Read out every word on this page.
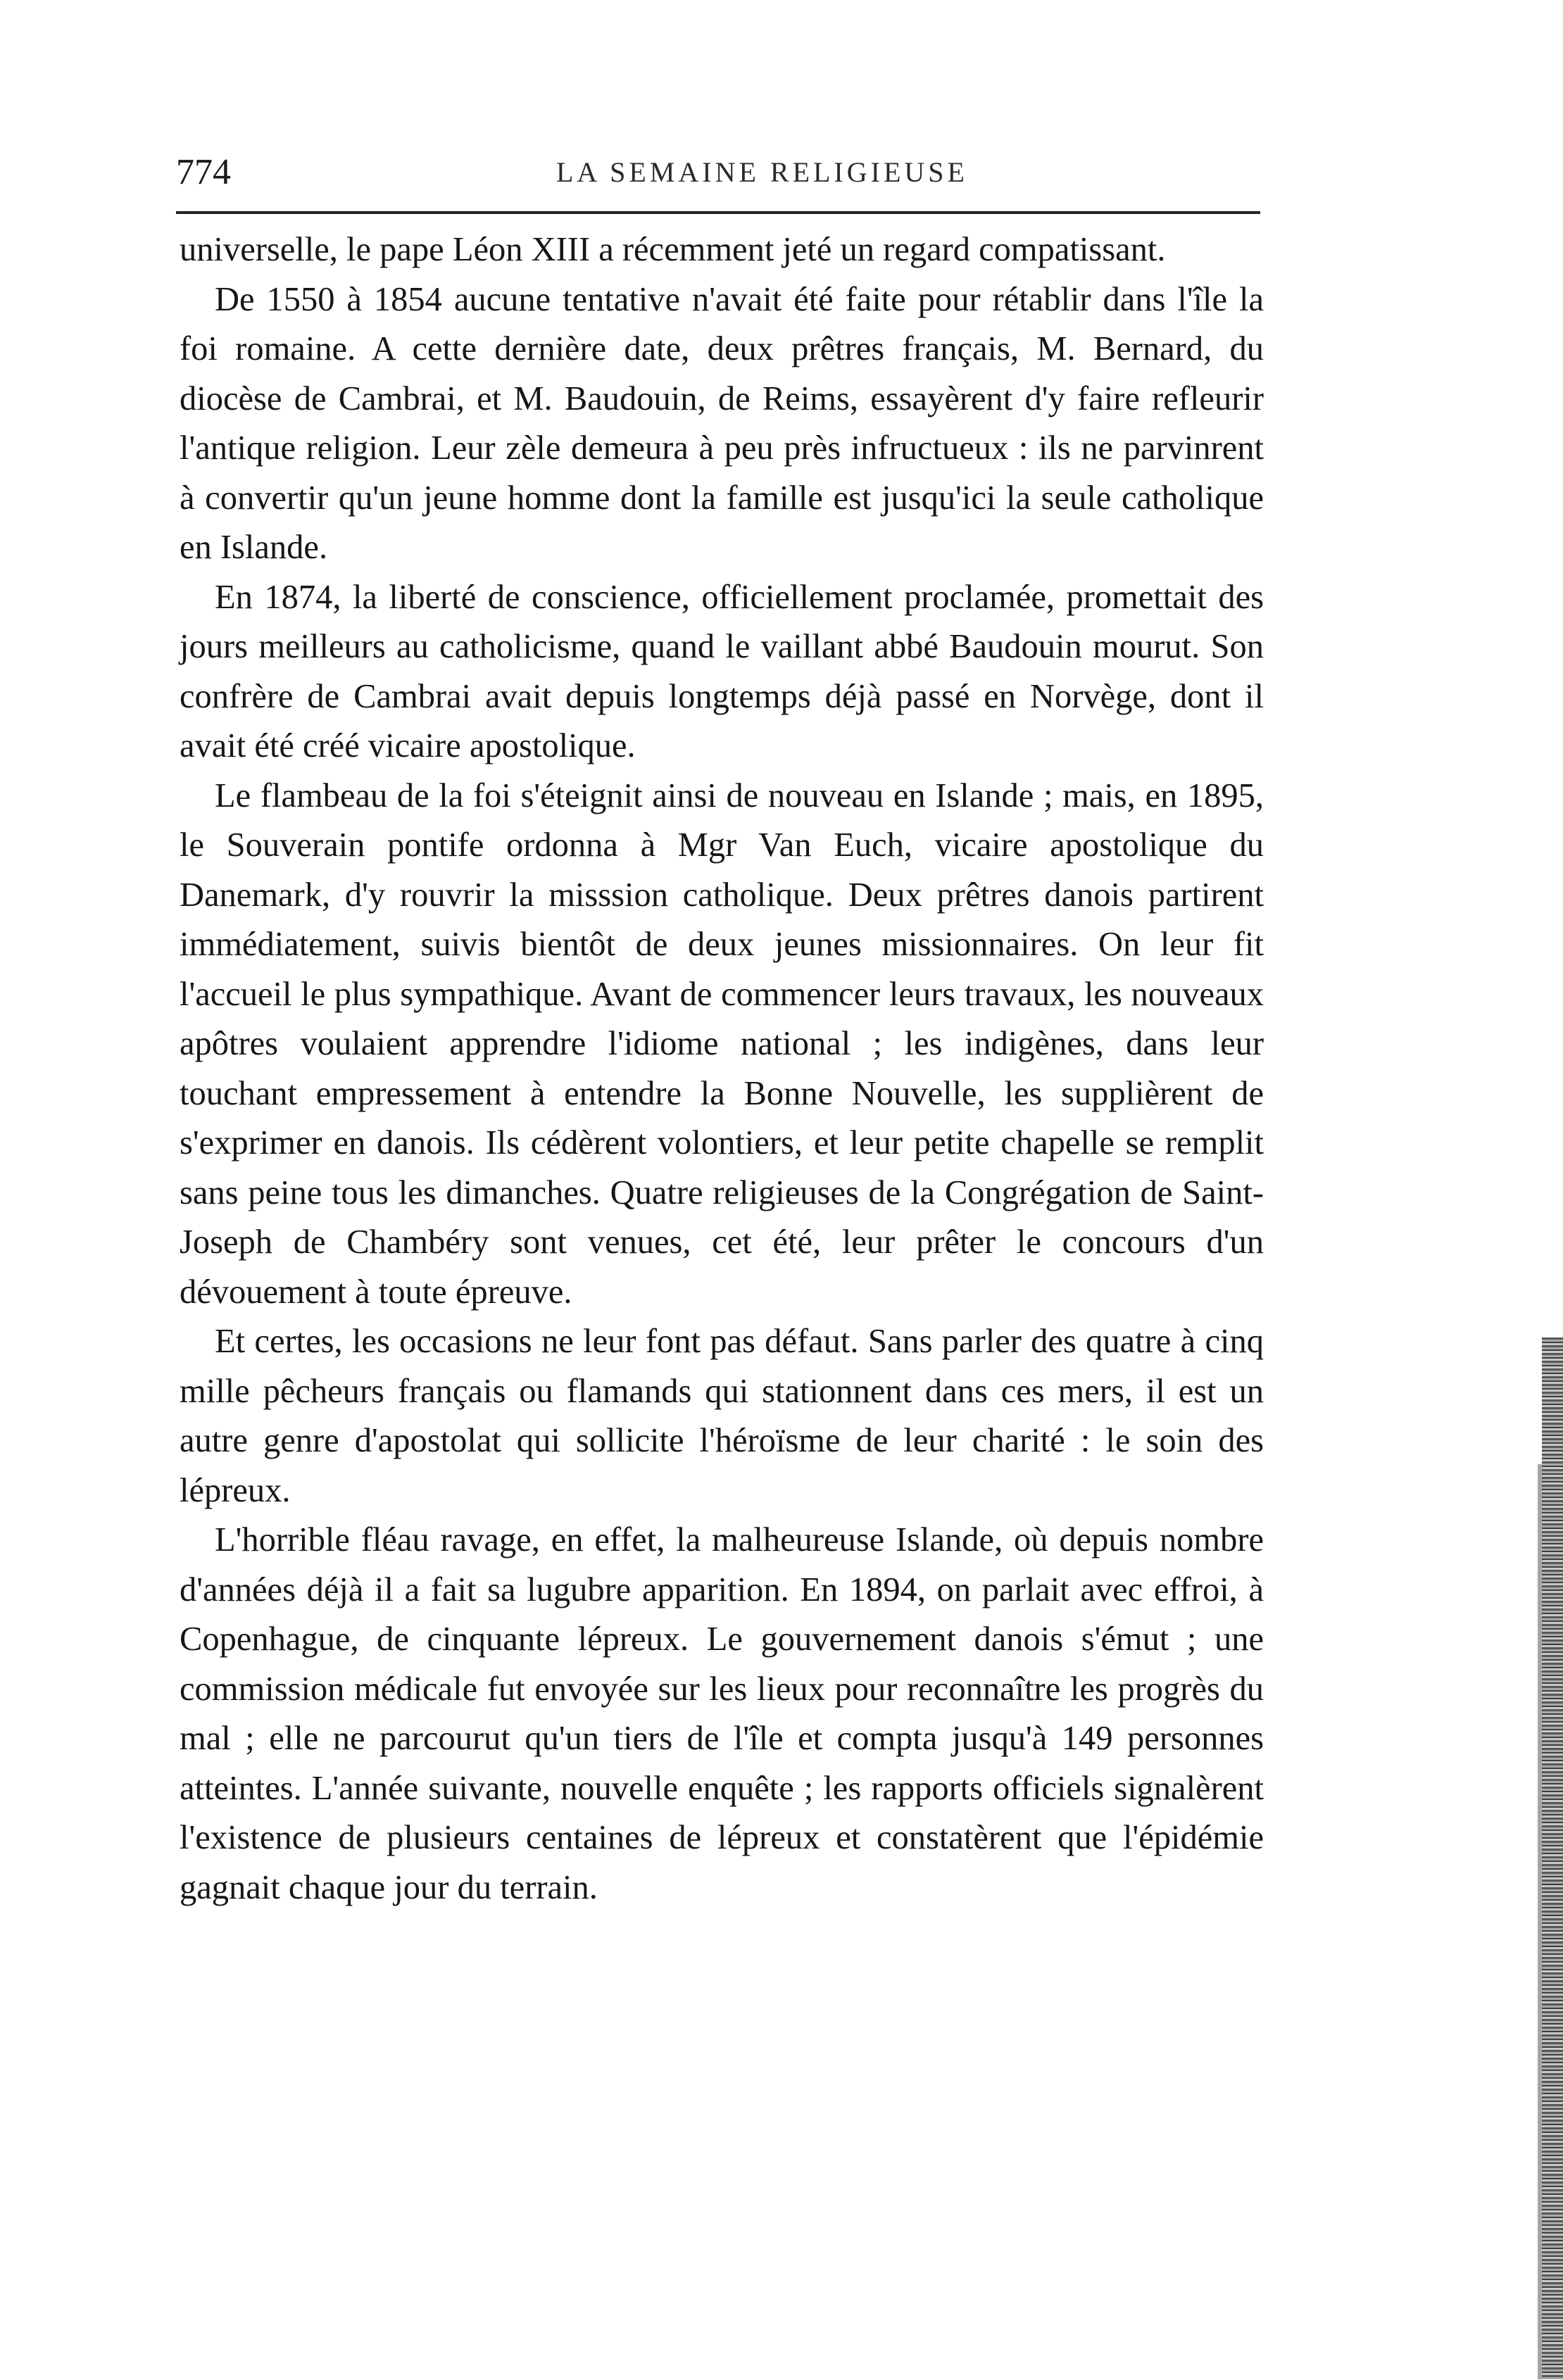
774	LA SEMAINE RELIGIEUSE

universelle, le pape Léon XIII a récemment jeté un regard compatissant.

De 1550 à 1854 aucune tentative n'avait été faite pour rétablir dans l'île la foi romaine. A cette dernière date, deux prêtres français, M. Bernard, du diocèse de Cambrai, et M. Baudouin, de Reims, essayèrent d'y faire refleurir l'antique religion. Leur zèle demeura à peu près infructueux : ils ne parvinrent à convertir qu'un jeune homme dont la famille est jusqu'ici la seule catholique en Islande.

En 1874, la liberté de conscience, officiellement proclamée, promettait des jours meilleurs au catholicisme, quand le vaillant abbé Baudouin mourut. Son confrère de Cambrai avait depuis longtemps déjà passé en Norvège, dont il avait été créé vicaire apostolique.

Le flambeau de la foi s'éteignit ainsi de nouveau en Islande ; mais, en 1895, le Souverain pontife ordonna à Mgr Van Euch, vicaire apostolique du Danemark, d'y rouvrir la misssion catholique. Deux prêtres danois partirent immédiatement, suivis bientôt de deux jeunes missionnaires. On leur fit l'accueil le plus sympathique. Avant de commencer leurs travaux, les nouveaux apôtres voulaient apprendre l'idiome national ; les indigènes, dans leur touchant empressement à entendre la Bonne Nouvelle, les supplièrent de s'exprimer en danois. Ils cédèrent volontiers, et leur petite chapelle se remplit sans peine tous les dimanches. Quatre religieuses de la Congrégation de Saint-Joseph de Chambéry sont venues, cet été, leur prêter le concours d'un dévouement à toute épreuve.

Et certes, les occasions ne leur font pas défaut. Sans parler des quatre à cinq mille pêcheurs français ou flamands qui stationnent dans ces mers, il est un autre genre d'apostolat qui sollicite l'héroïsme de leur charité : le soin des lépreux.

L'horrible fléau ravage, en effet, la malheureuse Islande, où depuis nombre d'années déjà il a fait sa lugubre apparition. En 1894, on parlait avec effroi, à Copenhague, de cinquante lépreux. Le gouvernement danois s'émut ; une commission médicale fut envoyée sur les lieux pour reconnaître les progrès du mal ; elle ne parcourut qu'un tiers de l'île et compta jusqu'à 149 personnes atteintes. L'année suivante, nouvelle enquête ; les rapports officiels signalèrent l'existence de plusieurs centaines de lépreux et constatèrent que l'épidémie gagnait chaque jour du terrain.
